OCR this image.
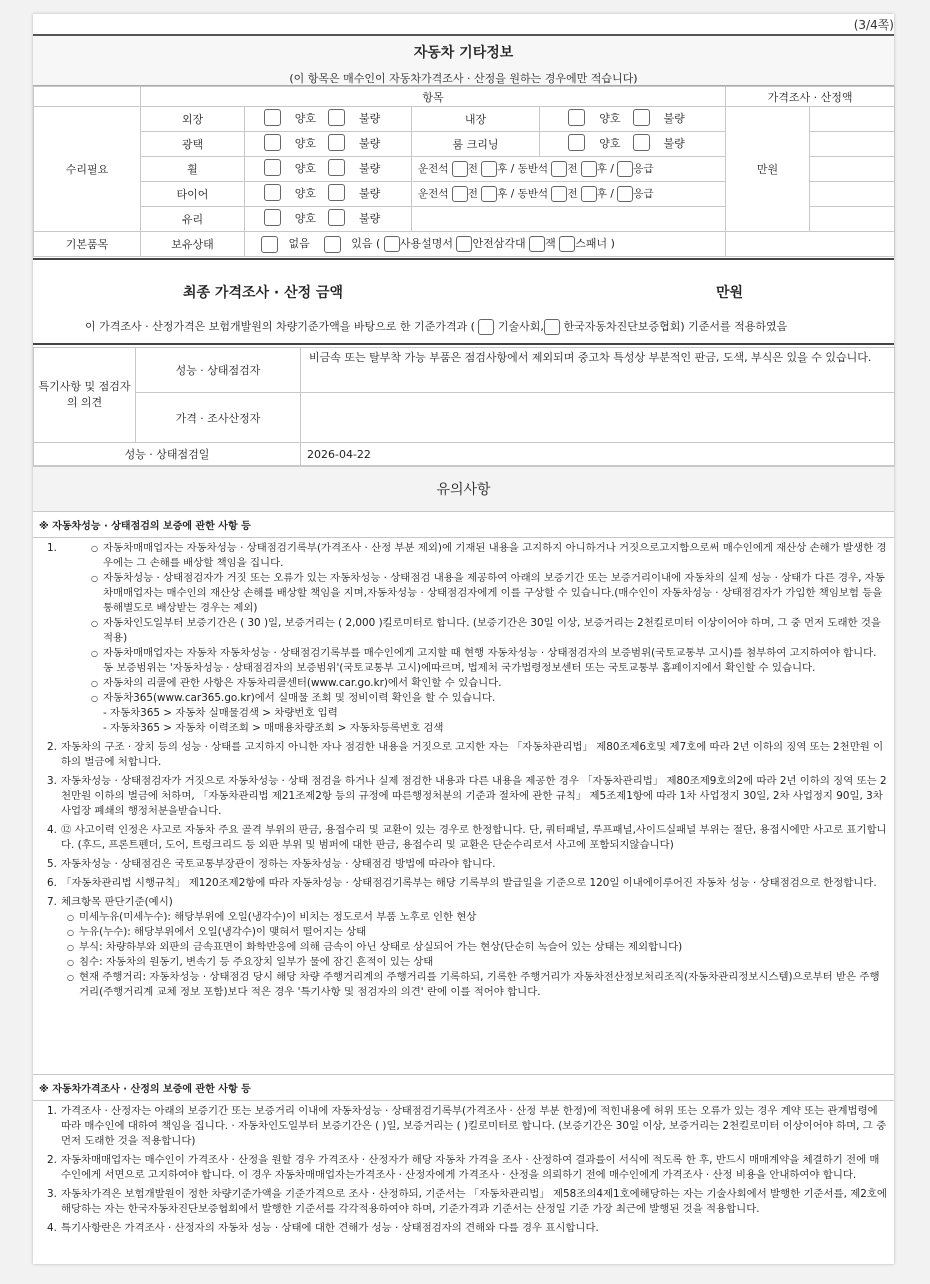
(3/4쪽)
자동차 기타정보
(이 항목은 매수인이 자동차가격조사 · 산정을 원하는 경우에만 적습니다)
	항목				가격조사 · 산정액	
수리필요	외장	양호 불량	내장	양호 불량	만원	
	광택	양호 불량	룸 크리닝	양호 불량		

	휠	양호 불량	운전석 전 후 / 동반석 전 후 / 응급			
	타이어	양호 불량	운전석 전 후 / 동반석 전 후 / 응급			
	유리	양호 불량				

기본품목	보유상태	없음 있음 ( 사용설명서 안전삼각대 잭 스패너 )				
최종 가격조사 · 산정 금액	만원
이 가격조사 · 산정가격은 보험개발원의 차량기준가액을 바탕으로 한 기준가격과 ( 기술사회, 한국자동차진단보증협회) 기준서를 적용하였음
특기사항 및 점검자의 의견	성능 · 상태점검자	비금속 또는 탈부착 가능 부품은 점검사항에서 제외되며 중고차 특성상 부분적인 판금, 도색, 부식은 있을 수 있습니다.
	가격 · 조사산정자	
성능 · 상태점검일		2026-04-22
유의사항
※ 자동차성능 · 상태점검의 보증에 관한 사항 등
1.	○ 자동차매매업자는 자동차성능 · 상태점검기록부(가격조사 · 산정 부분 제외)에 기재된 내용을 고지하지 아니하거나 거짓으로고지함으로써 매수인에게 재산상 손해가 발생한 경우에는 그 손해를 배상할 책임을 집니다.
○ 자동차성능 · 상태점검자가 거짓 또는 오류가 있는 자동차성능 · 상태점검 내용을 제공하여 아래의 보증기간 또는 보증거리이내에 자동차의 실제 성능 · 상태가 다른 경우, 자동차매매업자는 매수인의 재산상 손해를 배상할 책임을 지며,자동차성능 · 상태점검자에게 이를 구상할 수 있습니다.(매수인이 자동차성능 · 상태점검자가 가입한 책임보험 등을 통해별도로 배상받는 경우는 제외)
○ 자동차인도일부터 보증기간은 ( 30 )일, 보증거리는 ( 2,000 )킬로미터로 합니다. (보증기간은 30일 이상, 보증거리는 2천킬로미터 이상이어야 하며, 그 중 먼저 도래한 것을 적용)
○ 자동차매매업자는 자동차 자동차성능 · 상태점검기록부를 매수인에게 고지할 때 현행 자동차성능 · 상태점검자의 보증범위(국토교통부 고시)를 첨부하여 고지하여야 합니다. 동 보증범위는 '자동차성능 · 상태점검자의 보증범위'(국토교통부 고시)에따르며, 법제처 국가법령정보센터 또는 국토교통부 홈페이지에서 확인할 수 있습니다.
○ 자동차의 리콜에 관한 사항은 자동차리콜센터(www.car.go.kr)에서 확인할 수 있습니다.
○ 자동차365(www.car365.go.kr)에서 실매물 조회 및 정비이력 확인을 할 수 있습니다.
- 자동차365 > 자동차 실매물검색 > 차량번호 입력
- 자동차365 > 자동차 이력조회 > 매매용차량조회 > 자동차등록번호 검색
2. 자동차의 구조 · 장치 등의 성능 · 상태를 고지하지 아니한 자나 점검한 내용을 거짓으로 고지한 자는 「자동차관리법」 제80조제6호및 제7호에 따라 2년 이하의 징역 또는 2천만원 이하의 벌금에 처합니다.
3. 자동차성능 · 상태점검자가 거짓으로 자동차성능 · 상태 점검을 하거나 실제 점검한 내용과 다른 내용을 제공한 경우 「자동차관리법」 제80조제9호의2에 따라 2년 이하의 징역 또는 2천만원 이하의 벌금에 처하며, 「자동차관리법 제21조제2항 등의 규정에 따른행정처분의 기준과 절차에 관한 규칙」 제5조제1항에 따라 1차 사업정지 30일, 2차 사업정지 90일, 3차 사업장 폐쇄의 행정처분을받습니다.
4. ⑫ 사고이력 인정은 사고로 자동차 주요 골격 부위의 판금, 용접수리 및 교환이 있는 경우로 한정합니다. 단, 쿼터패널, 루프패널,사이드실패널 부위는 절단, 용접시에만 사고로 표기합니다. (후드, 프론트펜더, 도어, 트렁크리드 등 외판 부위 및 범퍼에 대한 판금, 용접수리 및 교환은 단순수리로서 사고에 포함되지않습니다)
5. 자동차성능 · 상태점검은 국토교통부장관이 정하는 자동차성능 · 상태점검 방법에 따라야 합니다.
6. 「자동차관리법 시행규칙」 제120조제2항에 따라 자동차성능 · 상태점검기록부는 해당 기록부의 발급일을 기준으로 120일 이내에이루어진 자동차 성능 · 상태점검으로 한정합니다.
7. 체크항목 판단기준(예시)
○ 미세누유(미세누수): 해당부위에 오일(냉각수)이 비치는 정도로서 부품 노후로 인한 현상
○ 누유(누수): 해당부위에서 오일(냉각수)이 맺혀서 떨어지는 상태
○ 부식: 차량하부와 외판의 금속표면이 화학반응에 의해 금속이 아닌 상태로 상실되어 가는 현상(단순히 녹슬어 있는 상태는 제외합니다)
○ 침수: 자동차의 원동기, 변속기 등 주요장치 일부가 물에 잠긴 흔적이 있는 상태
○ 현재 주행거리: 자동차성능 · 상태점검 당시 해당 차량 주행거리계의 주행거리를 기록하되, 기록한 주행거리가 자동차전산정보처리조직(자동차관리정보시스템)으로부터 받은 주행거리(주행거리계 교체 정보 포함)보다 적은 경우 '특기사항 및 점검자의 의견' 란에 이를 적어야 합니다.
※ 자동차가격조사 · 산정의 보증에 관한 사항 등
1. 가격조사 · 산정자는 아래의 보증기간 또는 보증거리 이내에 자동차성능 · 상태점검기록부(가격조사 · 산정 부분 한정)에 적힌내용에 허위 또는 오류가 있는 경우 계약 또는 관계법령에 따라 매수인에 대하여 책임을 집니다. · 자동차인도일부터 보증기간은 ( )일, 보증거리는 ( )킬로미터로 합니다. (보증기간은 30일 이상, 보증거리는 2천킬로미터 이상이어야 하며, 그 중 먼저 도래한 것을 적용합니다)
2. 자동차매매업자는 매수인이 가격조사 · 산정을 원할 경우 가격조사 · 산정자가 해당 자동차 가격을 조사 · 산정하여 결과를이 서식에 적도록 한 후, 반드시 매매계약을 체결하기 전에 매수인에게 서면으로 고지하여야 합니다. 이 경우 자동차매매업자는가격조사 · 산정자에게 가격조사 · 산정을 의뢰하기 전에 매수인에게 가격조사 · 산정 비용을 안내하여야 합니다.
3. 자동차가격은 보험개발원이 정한 차량기준가액을 기준가격으로 조사 · 산정하되, 기준서는 「자동차관리법」 제58조의4제1호에해당하는 자는 기술사회에서 발행한 기준서를, 제2호에 해당하는 자는 한국자동차진단보증협회에서 발행한 기준서를 각각적용하여야 하며, 기준가격과 기준서는 산정일 기준 가장 최근에 발행된 것을 적용합니다.
4. 특기사항란은 가격조사 · 산정자의 자동차 성능 · 상태에 대한 견해가 성능 · 상태점검자의 견해와 다를 경우 표시합니다.
